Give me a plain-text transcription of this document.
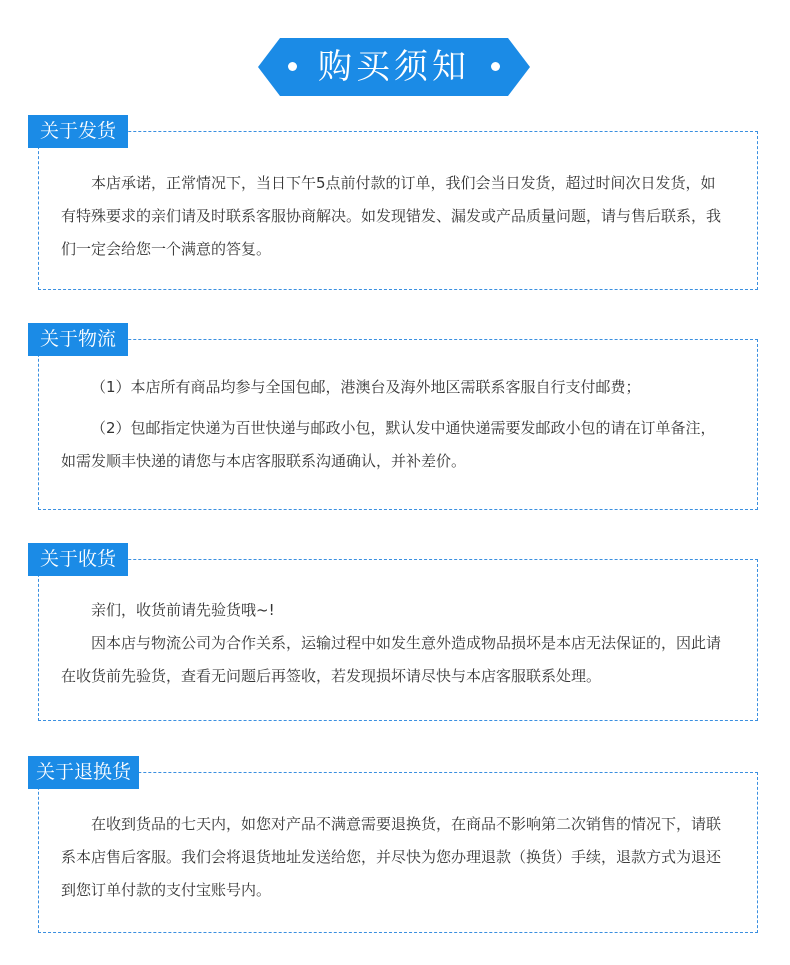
购买须知
关于发货
本店承诺，正常情况下，当日下午5点前付款的订单，我们会当日发货，超过时间次日发货，如有特殊要求的亲们请及时联系客服协商解决。如发现错发、漏发或产品质量问题，请与售后联系，我们一定会给您一个满意的答复。
关于物流
（1）本店所有商品均参与全国包邮，港澳台及海外地区需联系客服自行支付邮费；
（2）包邮指定快递为百世快递与邮政小包，默认发中通快递需要发邮政小包的请在订单备注，如需发顺丰快递的请您与本店客服联系沟通确认，并补差价。
关于收货
亲们，收货前请先验货哦~!
因本店与物流公司为合作关系，运输过程中如发生意外造成物品损坏是本店无法保证的，因此请在收货前先验货，查看无问题后再签收，若发现损坏请尽快与本店客服联系处理。
关于退换货
在收到货品的七天内，如您对产品不满意需要退换货，在商品不影响第二次销售的情况下，请联系本店售后客服。我们会将退货地址发送给您，并尽快为您办理退款（换货）手续，退款方式为退还到您订单付款的支付宝账号内。
